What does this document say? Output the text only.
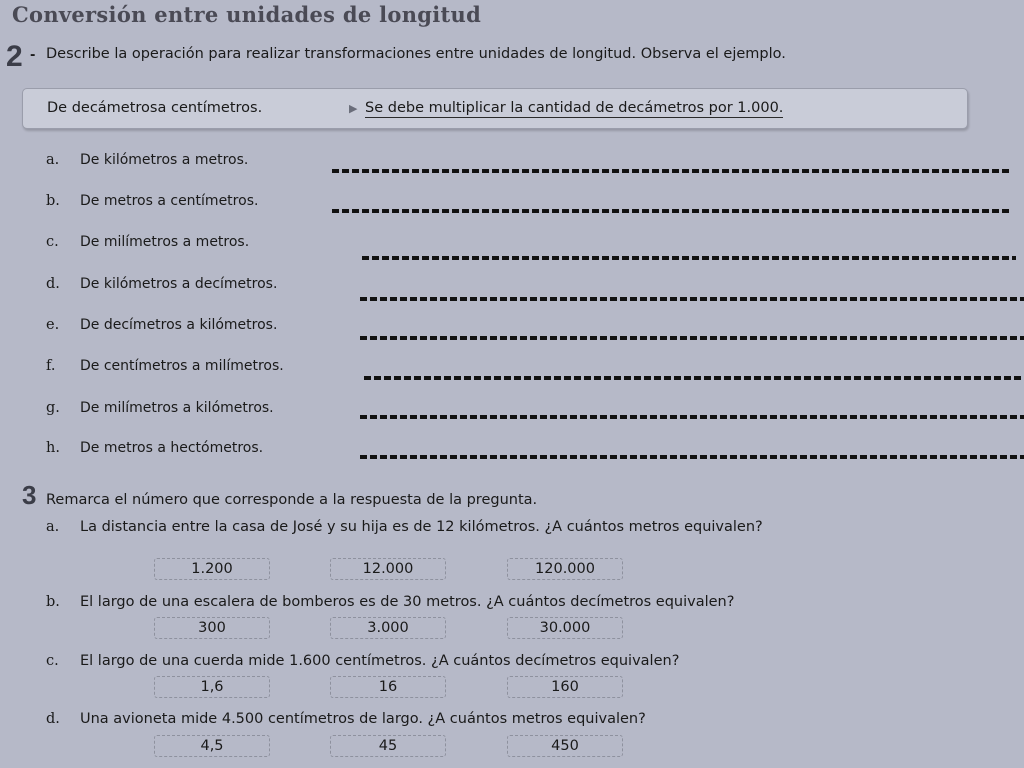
Conversión entre unidades de longitud
2 - Describe la operación para realizar transformaciones entre unidades de longitud. Observa el ejemplo.
De decámetrosa centímetros.	▶ Se debe multiplicar la cantidad de decámetros por 1.000.
a. De kilómetros a metros.
b. De metros a centímetros.
c. De milímetros a metros.
d. De kilómetros a decímetros.
e. De decímetros a kilómetros.
f. De centímetros a milímetros.
g. De milímetros a kilómetros.
h. De metros a hectómetros.
3 Remarca el número que corresponde a la respuesta de la pregunta.
a. La distancia entre la casa de José y su hija es de 12 kilómetros. ¿A cuántos metros equivalen?
1.200	12.000	120.000
b. El largo de una escalera de bomberos es de 30 metros. ¿A cuántos decímetros equivalen?
300	3.000	30.000
c. El largo de una cuerda mide 1.600 centímetros. ¿A cuántos decímetros equivalen?
1,6	16	160
d. Una avioneta mide 4.500 centímetros de largo. ¿A cuántos metros equivalen?
4,5	45	450
